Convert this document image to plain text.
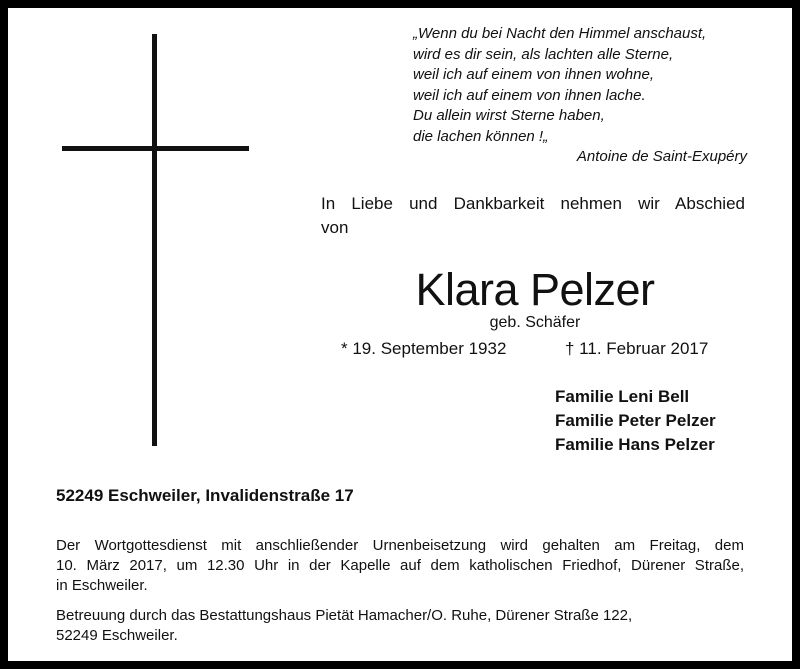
„Wenn du bei Nacht den Himmel anschaust,
wird es dir sein, als lachten alle Sterne,
weil ich auf einem von ihnen wohne,
weil ich auf einem von ihnen lache.
Du allein wirst Sterne haben,
die lachen können !„
Antoine de Saint-Exupéry
In Liebe und Dankbarkeit nehmen wir Abschied
von
Klara Pelzer
geb. Schäfer
* 19. September 1932	† 11. Februar 2017
Familie Leni Bell
Familie Peter Pelzer
Familie Hans Pelzer
52249 Eschweiler, Invalidenstraße 17
Der Wortgottesdienst mit anschließender Urnenbeisetzung wird gehalten am Freitag, dem
10. März 2017, um 12.30 Uhr in der Kapelle auf dem katholischen Friedhof, Dürener Straße,
in Eschweiler.
Betreuung durch das Bestattungshaus Pietät Hamacher/O. Ruhe, Dürener Straße 122,
52249 Eschweiler.
